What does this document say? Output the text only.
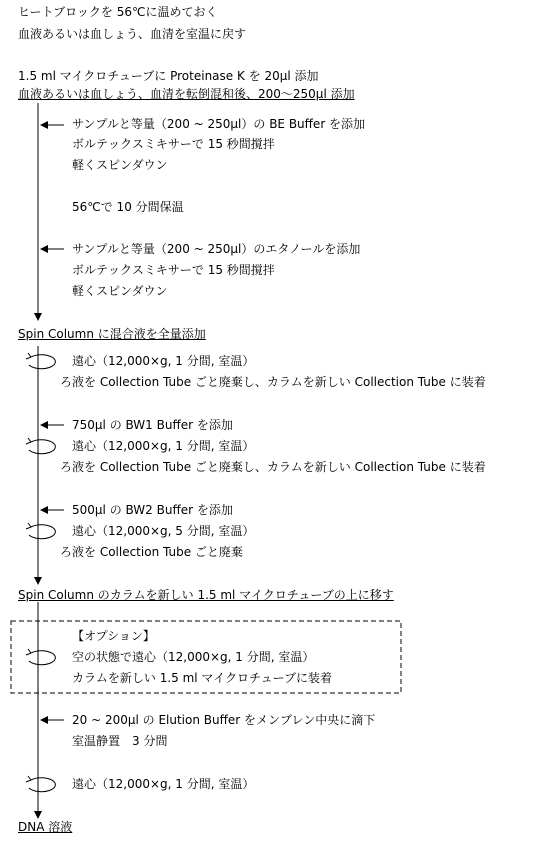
ヒートブロックを 56℃に温めておく
血液あるいは血しょう、血清を室温に戻す
1.5 ml マイクロチューブに Proteinase K を 20μl 添加
血液あるいは血しょう、血清を転倒混和後、200～250μl 添加
サンプルと等量（200 ~ 250μl）の BE Buffer を添加
ボルテックスミキサーで 15 秒間撹拌
軽くスピンダウン
56℃で 10 分間保温
サンプルと等量（200 ~ 250μl）のエタノールを添加
ボルテックスミキサーで 15 秒間撹拌
軽くスピンダウン
Spin Column に混合液を全量添加
遠心（12,000×g, 1 分間, 室温）
ろ液を Collection Tube ごと廃棄し、カラムを新しい Collection Tube に装着
750μl の BW1 Buffer を添加
遠心（12,000×g, 1 分間, 室温）
ろ液を Collection Tube ごと廃棄し、カラムを新しい Collection Tube に装着
500μl の BW2 Buffer を添加
遠心（12,000×g, 5 分間, 室温）
ろ液を Collection Tube ごと廃棄
Spin Column のカラムを新しい 1.5 ml マイクロチューブの上に移す
【オプション】
空の状態で遠心（12,000×g, 1 分間, 室温）
カラムを新しい 1.5 ml マイクロチューブに装着
20 ~ 200μl の Elution Buffer をメンブレン中央に滴下
室温静置　3 分間
遠心（12,000×g, 1 分間, 室温）
DNA 溶液
